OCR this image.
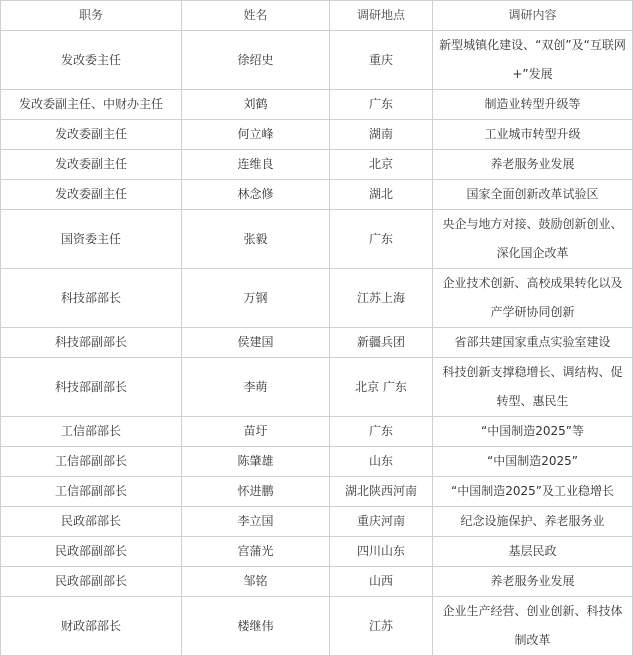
职务	姓名	调研地点	调研内容
发改委主任	徐绍史	重庆	新型城镇化建设、“双创”及“互联网+”发展
发改委副主任、中财办主任	刘鹤	广东	制造业转型升级等
发改委副主任	何立峰	湖南	工业城市转型升级
发改委副主任	连维良	北京	养老服务业发展
发改委副主任	林念修	湖北	国家全面创新改革试验区
国资委主任	张毅	广东	央企与地方对接、鼓励创新创业、深化国企改革
科技部部长	万钢	江苏上海	企业技术创新、高校成果转化以及产学研协同创新
科技部副部长	侯建国	新疆兵团	省部共建国家重点实验室建设
科技部副部长	李萌	北京 广东	科技创新支撑稳增长、调结构、促转型、惠民生
工信部部长	苗圩	广东	“中国制造2025”等
工信部副部长	陈肇雄	山东	“中国制造2025”
工信部副部长	怀进鹏	湖北陕西河南	“中国制造2025”及工业稳增长
民政部部长	李立国	重庆河南	纪念设施保护、养老服务业
民政部副部长	宫蒲光	四川山东	基层民政
民政部副部长	邹铭	山西	养老服务业发展
财政部部长	楼继伟	江苏	企业生产经营、创业创新、科技体制改革
